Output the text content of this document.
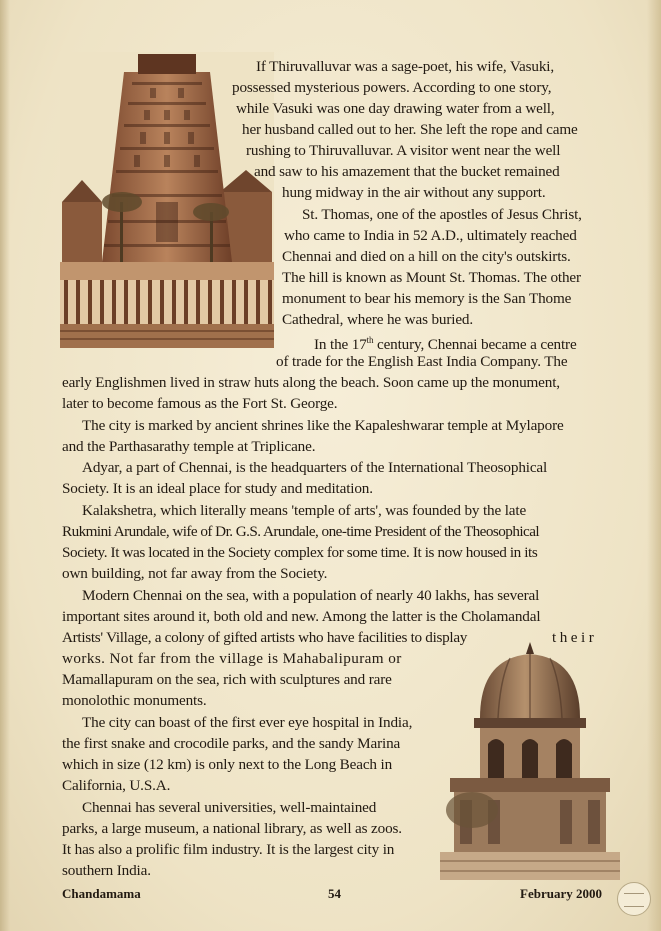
If Thiruvalluvar was a sage-poet, his wife, Vasuki,

possessed mysterious powers. According to one story,

while Vasuki was one day drawing water from a well,

her husband called out to her. She left the rope and came

rushing to Thiruvalluvar. A visitor went near the well

and saw to his amazement that the bucket remained

hung midway in the air without any support.

St. Thomas, one of the apostles of Jesus Christ,

who came to India in 52 A.D., ultimately reached

Chennai and died on a hill on the city's outskirts.

The hill is known as Mount St. Thomas. The other

monument to bear his memory is the San Thome

Cathedral, where he was buried.

In the 17th century, Chennai became a centre

of trade for the English East India Company. The

early Englishmen lived in straw huts along the beach. Soon came up the monument,

later to become famous as the Fort St. George.

The city is marked by ancient shrines like the Kapaleshwarar temple at Mylapore

and the Parthasarathy temple at Triplicane.

Adyar, a part of Chennai, is the headquarters of the International Theosophical

Society. It is an ideal place for study and meditation.

Kalakshetra, which literally means 'temple of arts', was founded by the late

Rukmini Arundale, wife of Dr. G.S. Arundale, one-time President of the Theosophical

Society. It was located in the Society complex for some time. It is now housed in its

own building, not far away from the Society.

Modern Chennai on the sea, with a population of nearly 40 lakhs, has several

important sites around it, both old and new. Among the latter is the Cholamandal

Artists' Village, a colony of gifted artists who have facilities to display	t h e i r

works. Not far from the village is Mahabalipuram or

Mamallapuram on the sea, rich with sculptures and rare

monolothic monuments.

The city can boast of the first ever eye hospital in India,

the first snake and crocodile parks, and the sandy Marina

which in size (12 km) is only next to the Long Beach in

California, U.S.A.

Chennai has several universities, well-maintained

parks, a large museum, a national library, as well as zoos.

It has also a prolific film industry. It is the largest city in

southern India.

Chandamama	54	February 2000
